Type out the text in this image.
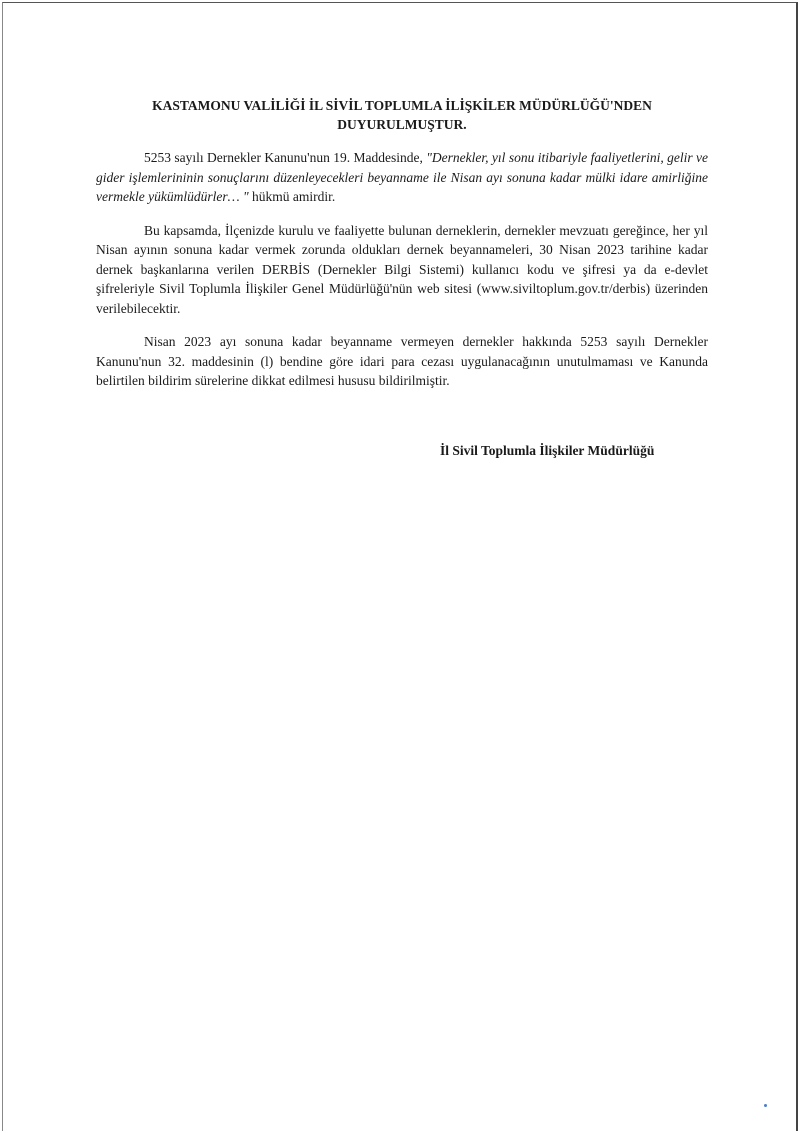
KASTAMONU VALİLİĞİ İL SİVİL TOPLUMLA İLİŞKİLER MÜDÜRLÜĞÜ'NDEN
DUYURULMUŞTUR.

5253 sayılı Dernekler Kanunu'nun 19. Maddesinde, "Dernekler, yıl sonu itibariyle faaliyetlerini, gelir ve gider işlemlerininin sonuçlarını düzenleyecekleri beyanname ile Nisan ayı sonuna kadar mülki idare amirliğine vermekle yükümlüdürler… " hükmü amirdir.

Bu kapsamda, İlçenizde kurulu ve faaliyette bulunan derneklerin, dernekler mevzuatı gereğince, her yıl Nisan ayının sonuna kadar vermek zorunda oldukları dernek beyannameleri, 30 Nisan 2023 tarihine kadar dernek başkanlarına verilen DERBİS (Dernekler Bilgi Sistemi) kullanıcı kodu ve şifresi ya da e-devlet şifreleriyle Sivil Toplumla İlişkiler Genel Müdürlüğü'nün web sitesi (www.siviltoplum.gov.tr/derbis) üzerinden verilebilecektir.

Nisan 2023 ayı sonuna kadar beyanname vermeyen dernekler hakkında 5253 sayılı Dernekler Kanunu'nun 32. maddesinin (l) bendine göre idari para cezası uygulanacağının unutulmaması ve Kanunda belirtilen bildirim sürelerine dikkat edilmesi hususu bildirilmiştir.

İl Sivil Toplumla İlişkiler Müdürlüğü
